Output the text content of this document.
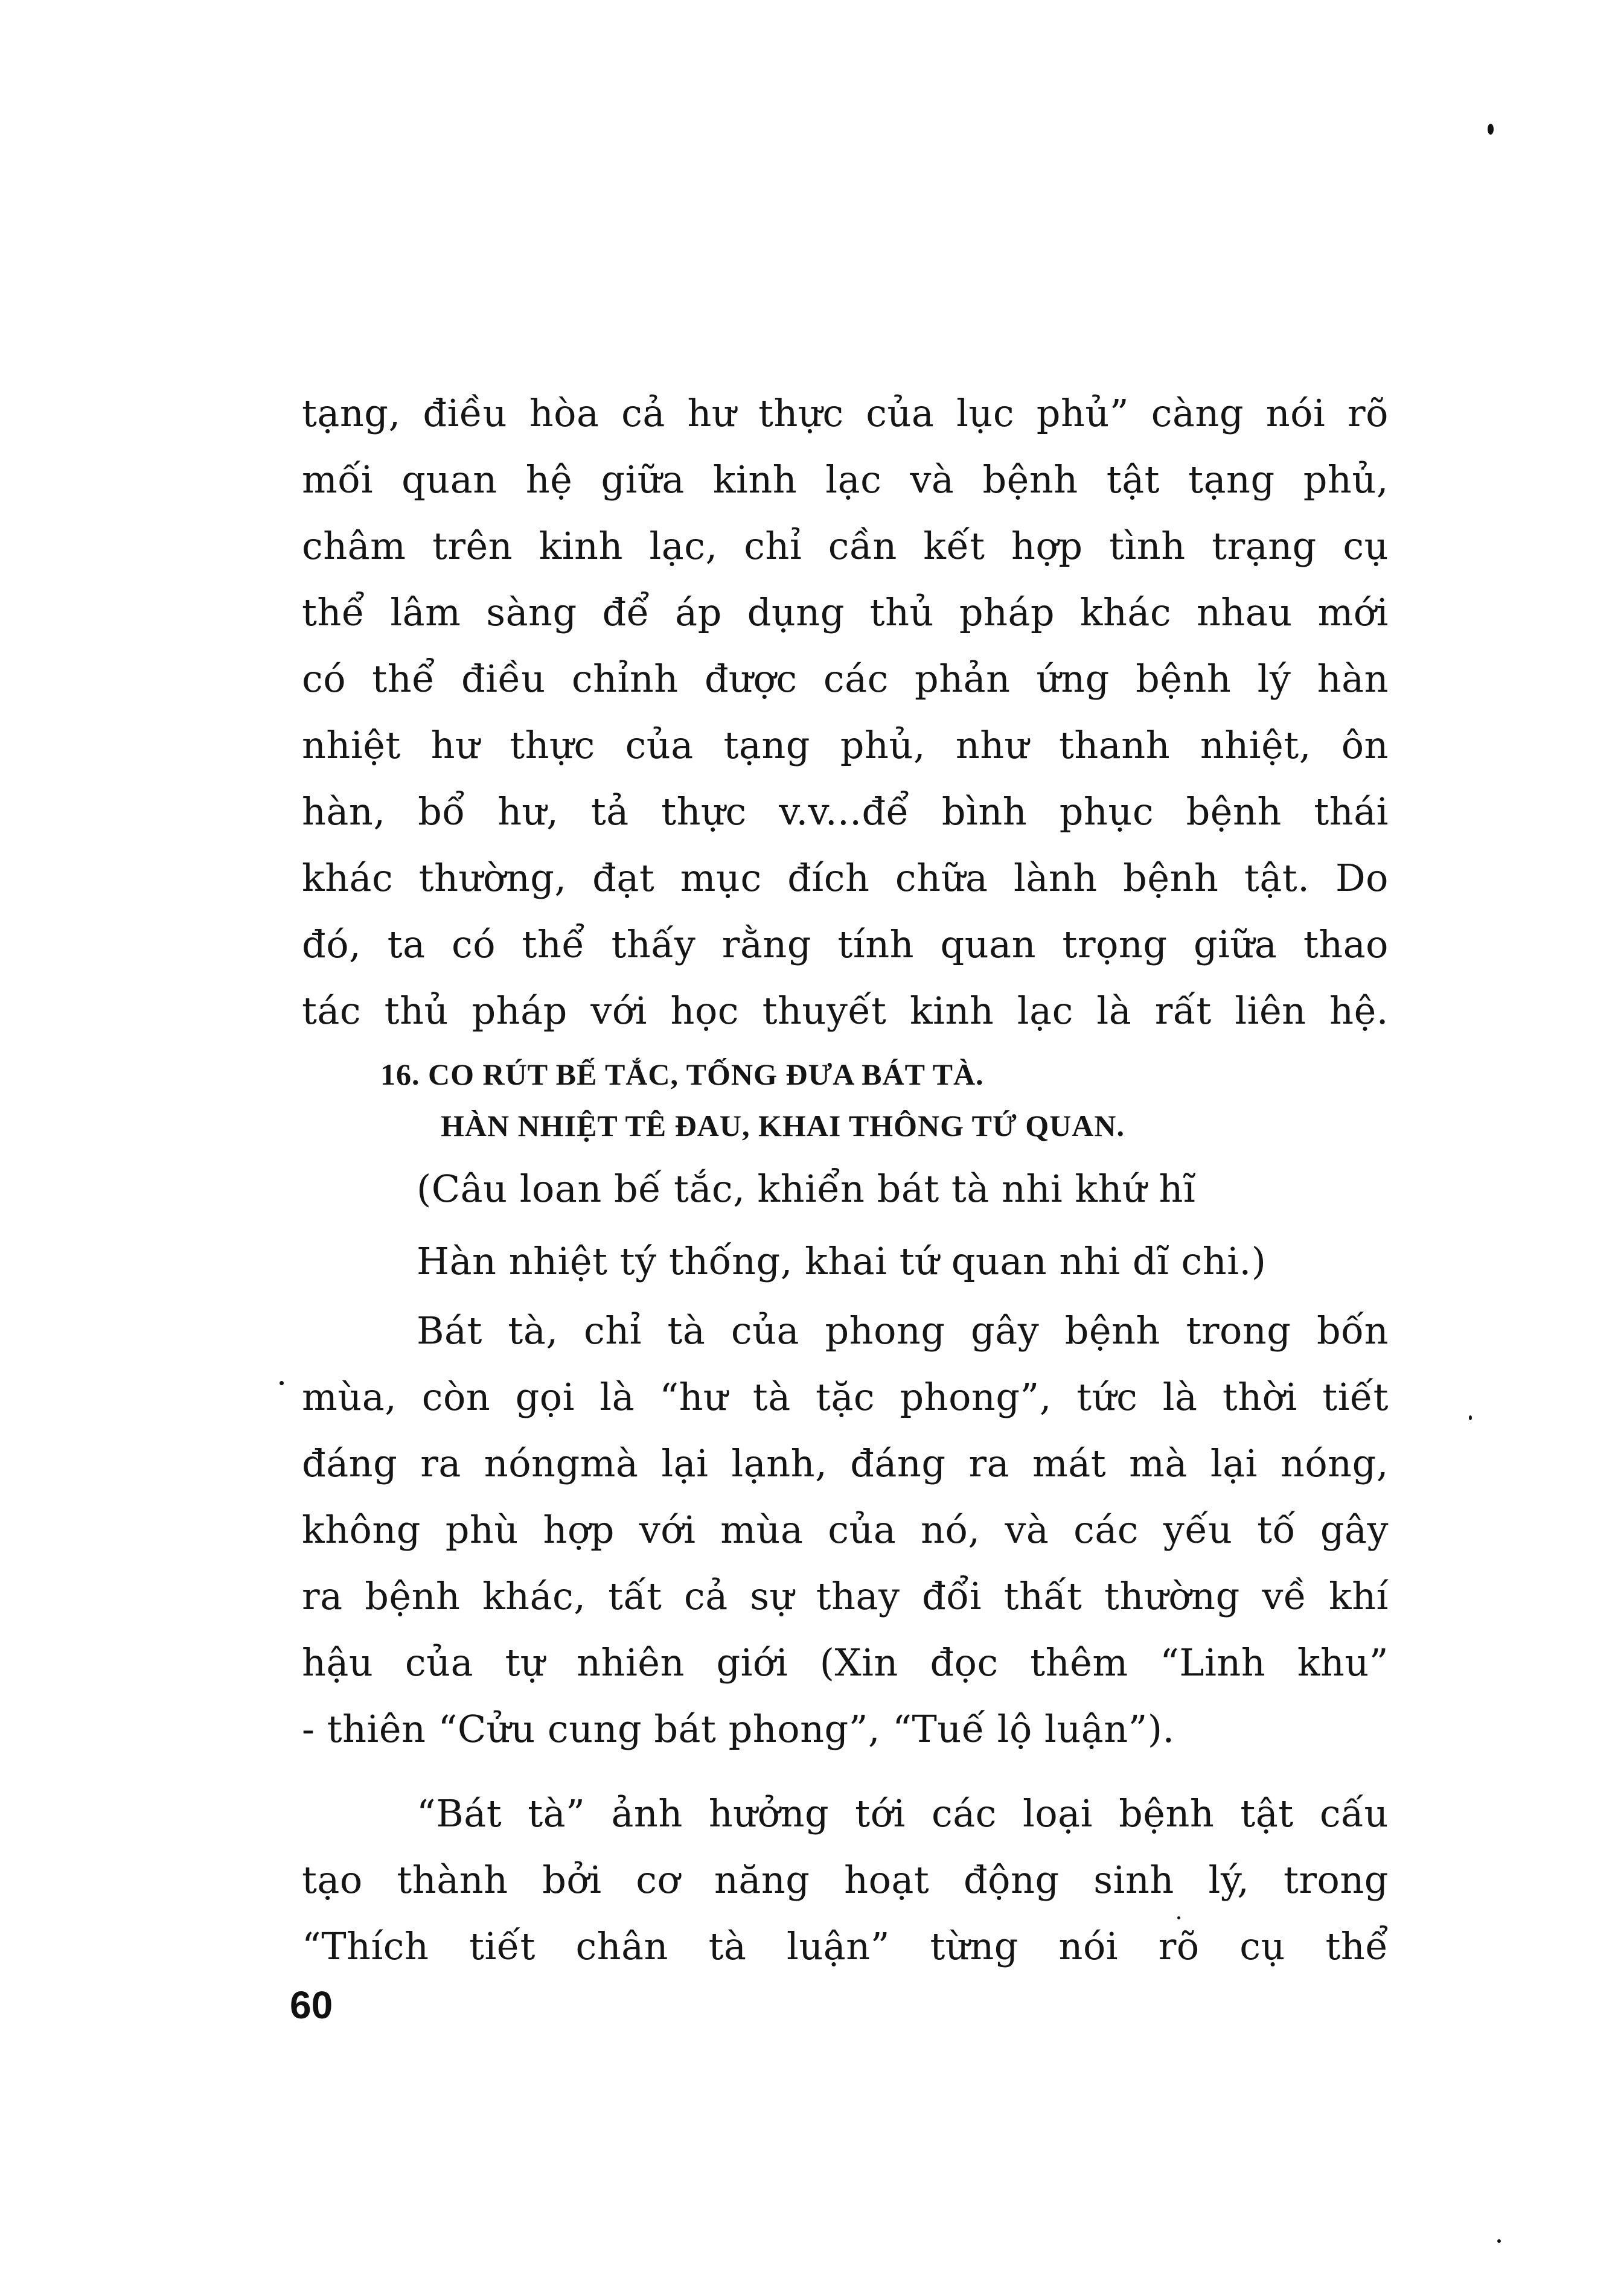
tạng, điều hòa cả hư thực của lục phủ” càng nói rõ
mối quan hệ giữa kinh lạc và bệnh tật tạng phủ,
châm trên kinh lạc, chỉ cần kết hợp tình trạng cụ
thể lâm sàng để áp dụng thủ pháp khác nhau mới
có thể điều chỉnh được các phản ứng bệnh lý hàn
nhiệt hư thực của tạng phủ, như thanh nhiệt, ôn
hàn, bổ hư, tả thực v.v...để bình phục bệnh thái
khác thường, đạt mục đích chữa lành bệnh tật. Do
đó, ta có thể thấy rằng tính quan trọng giữa thao
tác thủ pháp với học thuyết kinh lạc là rất liên hệ.
16. CO RÚT BẾ TẮC, TỐNG ĐƯA BÁT TÀ.
HÀN NHIỆT TÊ ĐAU, KHAI THÔNG TỨ QUAN.
(Câu loan bế tắc, khiển bát tà nhi khứ hĩ
Hàn nhiệt tý thống, khai tứ quan nhi dĩ chi.)
Bát tà, chỉ tà của phong gây bệnh trong bốn
mùa, còn gọi là “hư tà tặc phong”, tức là thời tiết
đáng ra nóngmà lại lạnh, đáng ra mát mà lại nóng,
không phù hợp với mùa của nó, và các yếu tố gây
ra bệnh khác, tất cả sự thay đổi thất thường về khí
hậu của tự nhiên giới (Xin đọc thêm “Linh khu”
- thiên “Cửu cung bát phong”, “Tuế lộ luận”).
“Bát tà” ảnh hưởng tới các loại bệnh tật cấu
tạo thành bởi cơ năng hoạt động sinh lý, trong
“Thích tiết chân tà luận” từng nói rõ cụ thể
60
